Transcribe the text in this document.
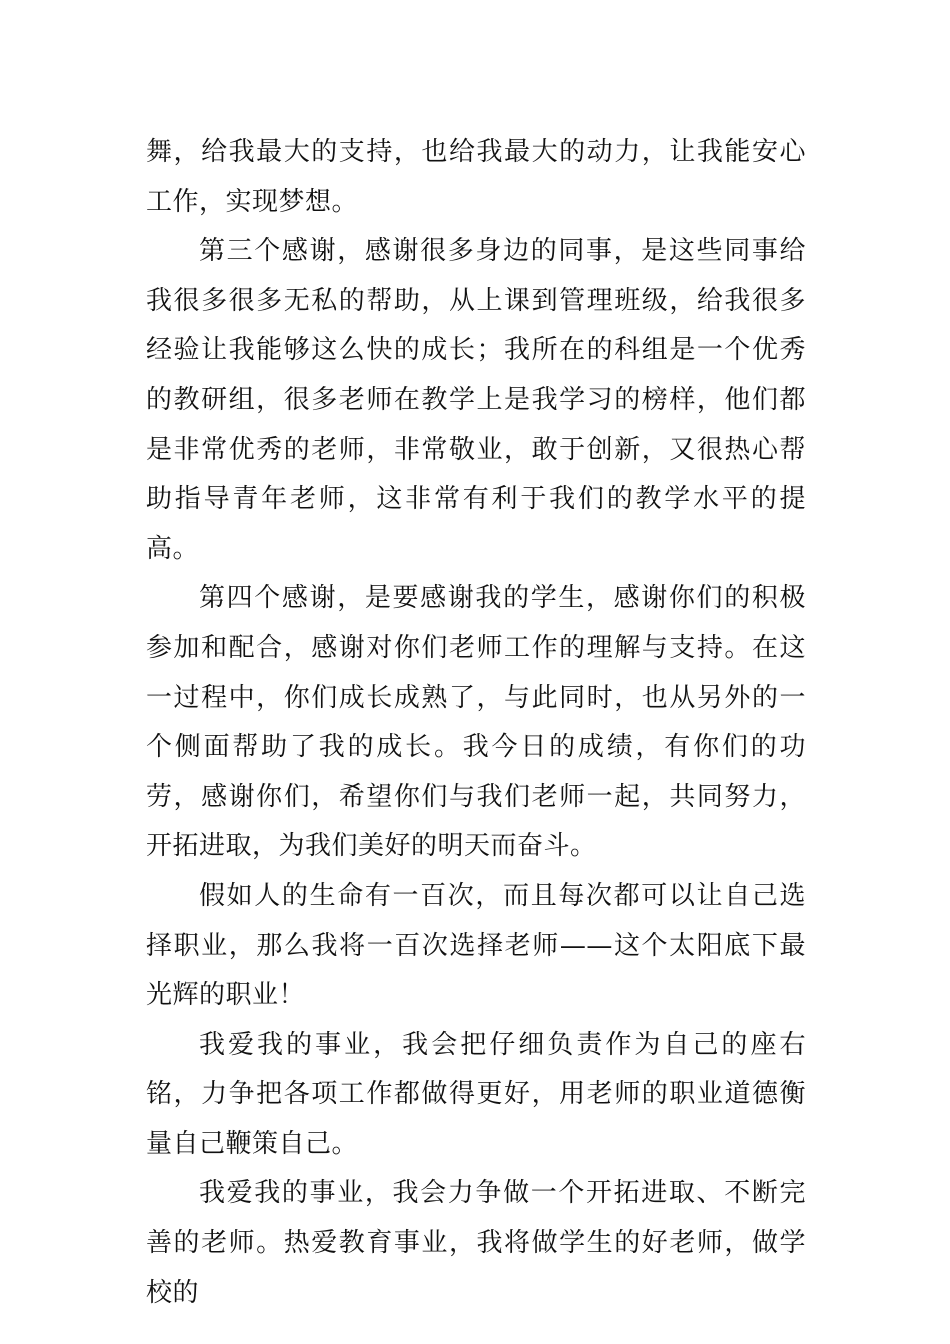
舞，给我最大的支持，也给我最大的动力，让我能安心工作，实现梦想。

第三个感谢，感谢很多身边的同事，是这些同事给我很多很多无私的帮助，从上课到管理班级，给我很多经验让我能够这么快的成长；我所在的科组是一个优秀的教研组，很多老师在教学上是我学习的榜样，他们都是非常优秀的老师，非常敬业，敢于创新，又很热心帮助指导青年老师，这非常有利于我们的教学水平的提高。

第四个感谢，是要感谢我的学生，感谢你们的积极参加和配合，感谢对你们老师工作的理解与支持。在这一过程中，你们成长成熟了，与此同时，也从另外的一个侧面帮助了我的成长。我今日的成绩，有你们的功劳，感谢你们，希望你们与我们老师一起，共同努力，开拓进取，为我们美好的明天而奋斗。

假如人的生命有一百次，而且每次都可以让自己选择职业，那么我将一百次选择老师——这个太阳底下最光辉的职业！

我爱我的事业，我会把仔细负责作为自己的座右铭，力争把各项工作都做得更好，用老师的职业道德衡量自己鞭策自己。

我爱我的事业，我会力争做一个开拓进取、不断完善的老师。热爱教育事业，我将做学生的好老师，做学校的
